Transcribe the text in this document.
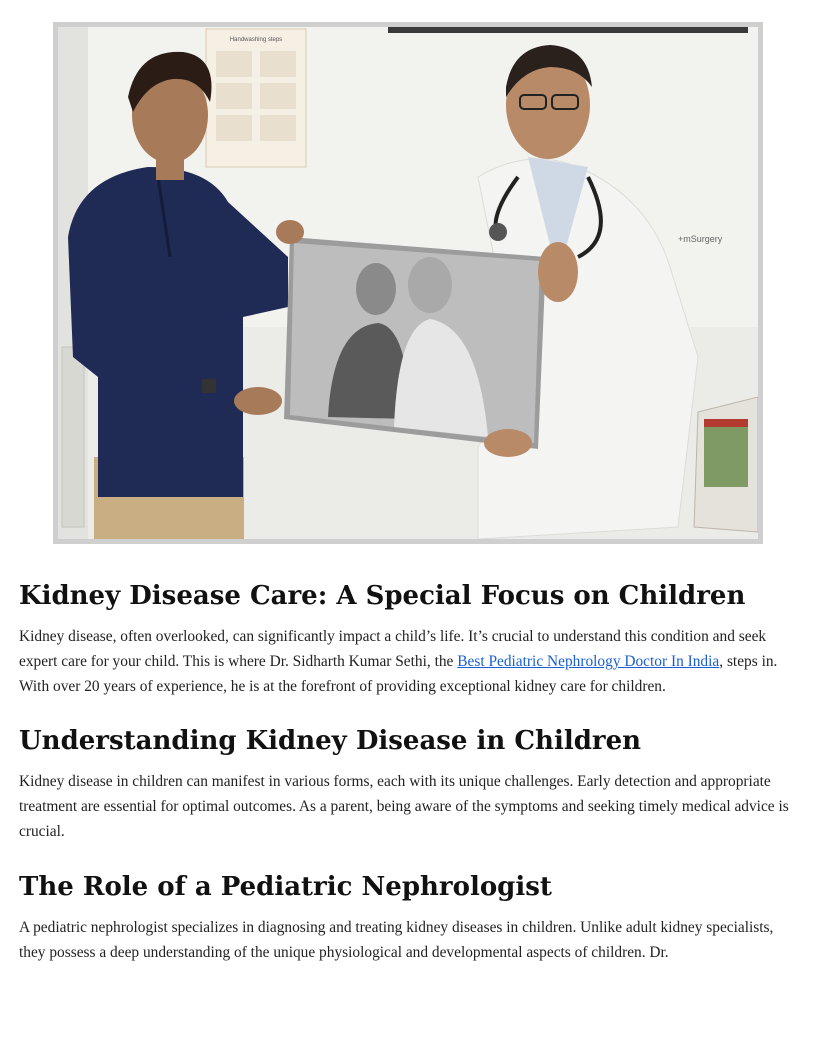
Handwashing steps
+mSurgery
Kidney Disease Care: A Special Focus on Children

Kidney disease, often overlooked, can significantly impact a child’s life. It’s crucial to understand this condition and seek expert care for your child. This is where Dr. Sidharth Kumar Sethi, the Best Pediatric Nephrology Doctor In India, steps in. With over 20 years of experience, he is at the forefront of providing exceptional kidney care for children.

Understanding Kidney Disease in Children

Kidney disease in children can manifest in various forms, each with its unique challenges. Early detection and appropriate treatment are essential for optimal outcomes. As a parent, being aware of the symptoms and seeking timely medical advice is crucial.

The Role of a Pediatric Nephrologist

A pediatric nephrologist specializes in diagnosing and treating kidney diseases in children. Unlike adult kidney specialists, they possess a deep understanding of the unique physiological and developmental aspects of children. Dr.
